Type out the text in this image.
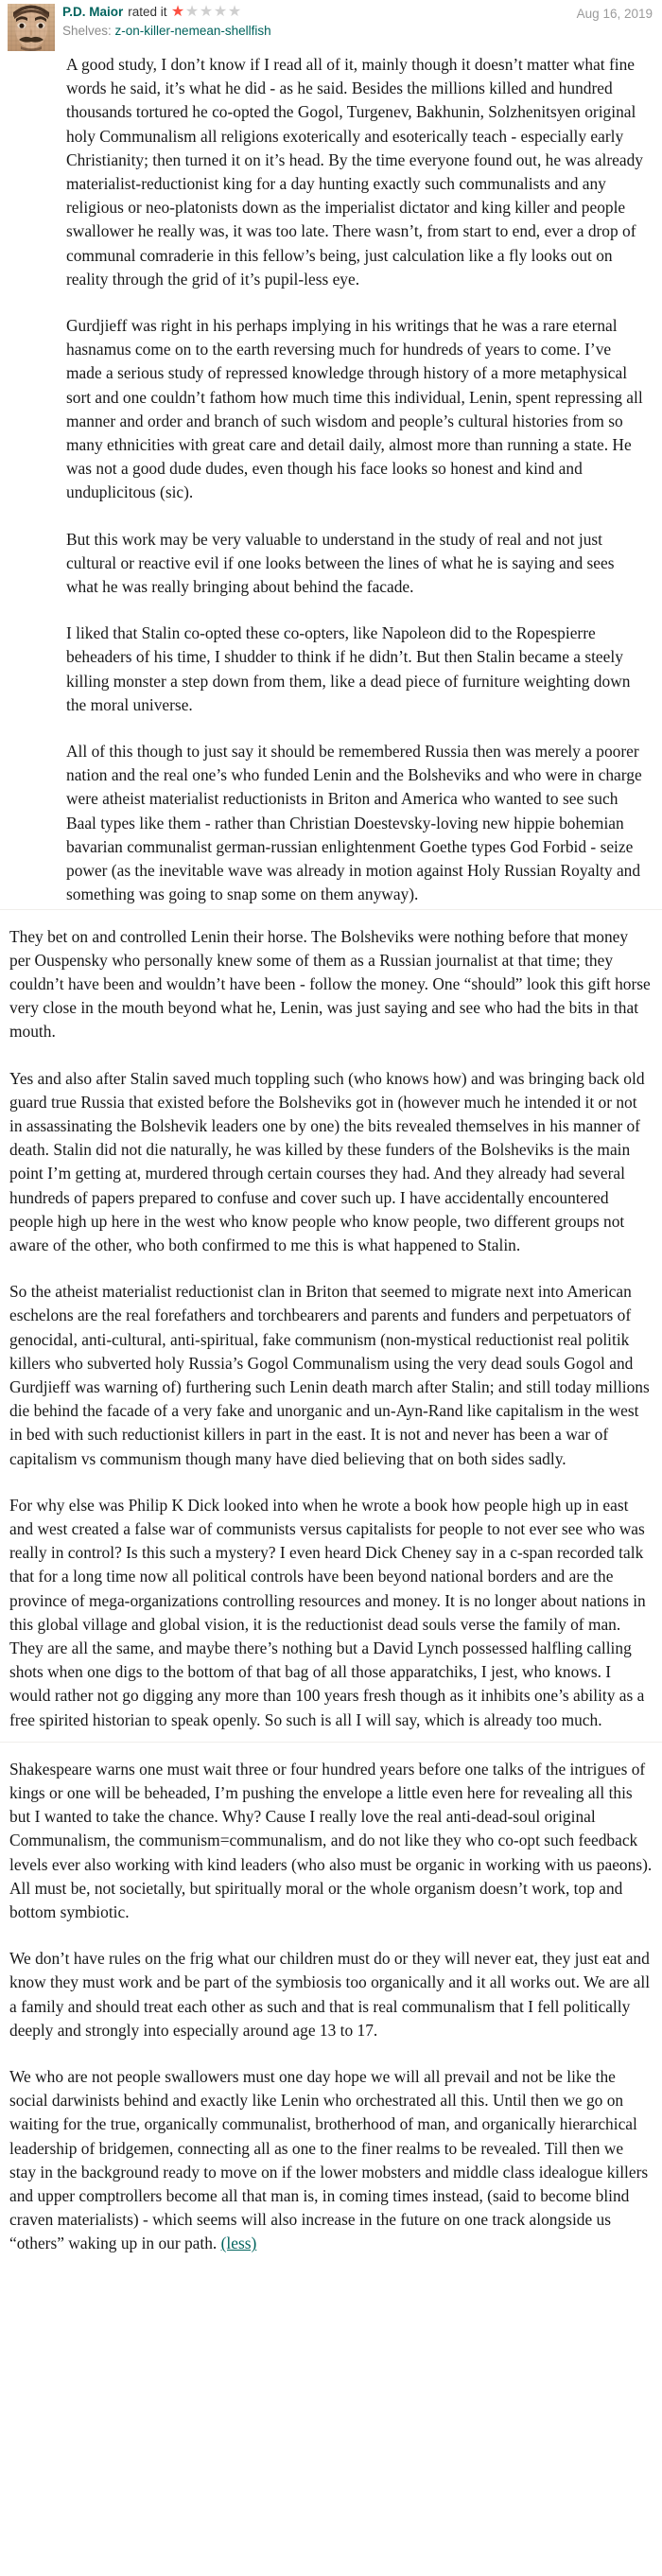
P.D. Maior rated it ★ ★ ★ ★ ★
Shelves: z-on-killer-nemean-shellfish
Aug 16, 2019

A good study, I don’t know if I read all of it, mainly though it doesn’t matter what fine words he said, it’s what he did - as he said. Besides the millions killed and hundred thousands tortured he co-opted the Gogol, Turgenev, Bakhunin, Solzhenitsyen original holy Communalism all religions exoterically and esoterically teach - especially early Christianity; then turned it on it’s head. By the time everyone found out, he was already materialist-reductionist king for a day hunting exactly such communalists and any religious or neo-platonists down as the imperialist dictator and king killer and people swallower he really was, it was too late. There wasn’t, from start to end, ever a drop of communal comraderie in this fellow’s being, just calculation like a fly looks out on reality through the grid of it’s pupil-less eye.

Gurdjieff was right in his perhaps implying in his writings that he was a rare eternal hasnamus come on to the earth reversing much for hundreds of years to come. I’ve made a serious study of repressed knowledge through history of a more metaphysical sort and one couldn’t fathom how much time this individual, Lenin, spent repressing all manner and order and branch of such wisdom and people’s cultural histories from so many ethnicities with great care and detail daily, almost more than running a state. He was not a good dude dudes, even though his face looks so honest and kind and unduplicitous (sic).

But this work may be very valuable to understand in the study of real and not just cultural or reactive evil if one looks between the lines of what he is saying and sees what he was really bringing about behind the facade.

I liked that Stalin co-opted these co-opters, like Napoleon did to the Ropespierre beheaders of his time, I shudder to think if he didn’t. But then Stalin became a steely killing monster a step down from them, like a dead piece of furniture weighting down the moral universe.

All of this though to just say it should be remembered Russia then was merely a poorer nation and the real one’s who funded Lenin and the Bolsheviks and who were in charge were atheist materialist reductionists in Briton and America who wanted to see such Baal types like them - rather than Christian Doestevsky-loving new hippie bohemian bavarian communalist german-russian enlightenment Goethe types God Forbid - seize power (as the inevitable wave was already in motion against Holy Russian Royalty and something was going to snap some on them anyway).

They bet on and controlled Lenin their horse. The Bolsheviks were nothing before that money per Ouspensky who personally knew some of them as a Russian journalist at that time; they couldn’t have been and wouldn’t have been - follow the money. One “should” look this gift horse very close in the mouth beyond what he, Lenin, was just saying and see who had the bits in that mouth.

Yes and also after Stalin saved much toppling such (who knows how) and was bringing back old guard true Russia that existed before the Bolsheviks got in (however much he intended it or not in assassinating the Bolshevik leaders one by one) the bits revealed themselves in his manner of death. Stalin did not die naturally, he was killed by these funders of the Bolsheviks is the main point I’m getting at, murdered through certain courses they had. And they already had several hundreds of papers prepared to confuse and cover such up. I have accidentally encountered people high up here in the west who know people who know people, two different groups not aware of the other, who both confirmed to me this is what happened to Stalin.

So the atheist materialist reductionist clan in Briton that seemed to migrate next into American eschelons are the real forefathers and torchbearers and parents and funders and perpetuators of genocidal, anti-cultural, anti-spiritual, fake communism (non-mystical reductionist real politik killers who subverted holy Russia’s Gogol Communalism using the very dead souls Gogol and Gurdjieff was warning of) furthering such Lenin death march after Stalin; and still today millions die behind the facade of a very fake and unorganic and un-Ayn-Rand like capitalism in the west in bed with such reductionist killers in part in the east. It is not and never has been a war of capitalism vs communism though many have died believing that on both sides sadly.

For why else was Philip K Dick looked into when he wrote a book how people high up in east and west created a false war of communists versus capitalists for people to not ever see who was really in control? Is this such a mystery? I even heard Dick Cheney say in a c-span recorded talk that for a long time now all political controls have been beyond national borders and are the province of mega-organizations controlling resources and money. It is no longer about nations in this global village and global vision, it is the reductionist dead souls verse the family of man. They are all the same, and maybe there’s nothing but a David Lynch possessed halfling calling shots when one digs to the bottom of that bag of all those apparatchiks, I jest, who knows. I would rather not go digging any more than 100 years fresh though as it inhibits one’s ability as a free spirited historian to speak openly. So such is all I will say, which is already too much.

Shakespeare warns one must wait three or four hundred years before one talks of the intrigues of kings or one will be beheaded, I’m pushing the envelope a little even here for revealing all this but I wanted to take the chance. Why? Cause I really love the real anti-dead-soul original Communalism, the communism=communalism, and do not like they who co-opt such feedback levels ever also working with kind leaders (who also must be organic in working with us paeons). All must be, not societally, but spiritually moral or the whole organism doesn’t work, top and bottom symbiotic.

We don’t have rules on the frig what our children must do or they will never eat, they just eat and know they must work and be part of the symbiosis too organically and it all works out. We are all a family and should treat each other as such and that is real communalism that I fell politically deeply and strongly into especially around age 13 to 17.

We who are not people swallowers must one day hope we will all prevail and not be like the social darwinists behind and exactly like Lenin who orchestrated all this. Until then we go on waiting for the true, organically communalist, brotherhood of man, and organically hierarchical leadership of bridgemen, connecting all as one to the finer realms to be revealed. Till then we stay in the background ready to move on if the lower mobsters and middle class idealogue killers and upper comptrollers become all that man is, in coming times instead, (said to become blind craven materialists) - which seems will also increase in the future on one track alongside us “others” waking up in our path. (less)
